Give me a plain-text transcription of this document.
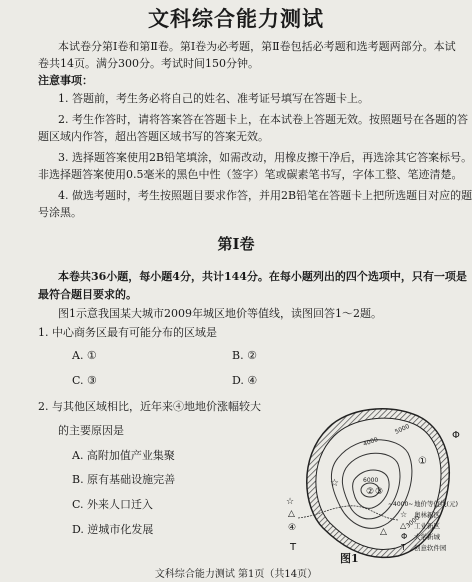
文科综合能力测试
本试卷分第Ⅰ卷和第Ⅱ卷。第Ⅰ卷为必考题，第Ⅱ卷包括必考题和选考题两部分。本试
卷共14页。满分300分。考试时间150分钟。
注意事项：
1. 答题前，考生务必将自己的姓名、准考证号填写在答题卡上。
2. 考生作答时，请将答案答在答题卡上，在本试卷上答题无效。按照题号在各题的答
题区域内作答，超出答题区域书写的答案无效。
3. 选择题答案使用2B铅笔填涂，如需改动，用橡皮擦干净后，再选涂其它答案标号。
非选择题答案使用0.5毫米的黑色中性（签字）笔或碳素笔书写，字体工整、笔迹清楚。
4. 做选考题时，考生按照题目要求作答，并用2B铅笔在答题卡上把所选题目对应的题
号涂黑。
第Ⅰ卷
本卷共36小题，每小题4分，共计144分。在每小题列出的四个选项中，只有一项是
最符合题目要求的。
图1示意我国某大城市2009年城区地价等值线，读图回答1～2题。
1. 中心商务区最有可能分布的区域是
A. ①	B. ②
C. ③	D. ④
2. 与其他区域相比，近年来④地地价涨幅较大
的主要原因是
A. 高附加值产业集聚
B. 原有基础设施完善
C. 外来人口迁入
D. 逆城市化发展
5000
4000
3000
6000
①
② ③
④
Φ
☆
△
T
△
☆	~4000~ 地价等值线(元)
☆ 奥林新区
△ 工业新区
Φ 大学新城
T 创意软件园
图1
文科综合能力测试 第1页（共14页）
